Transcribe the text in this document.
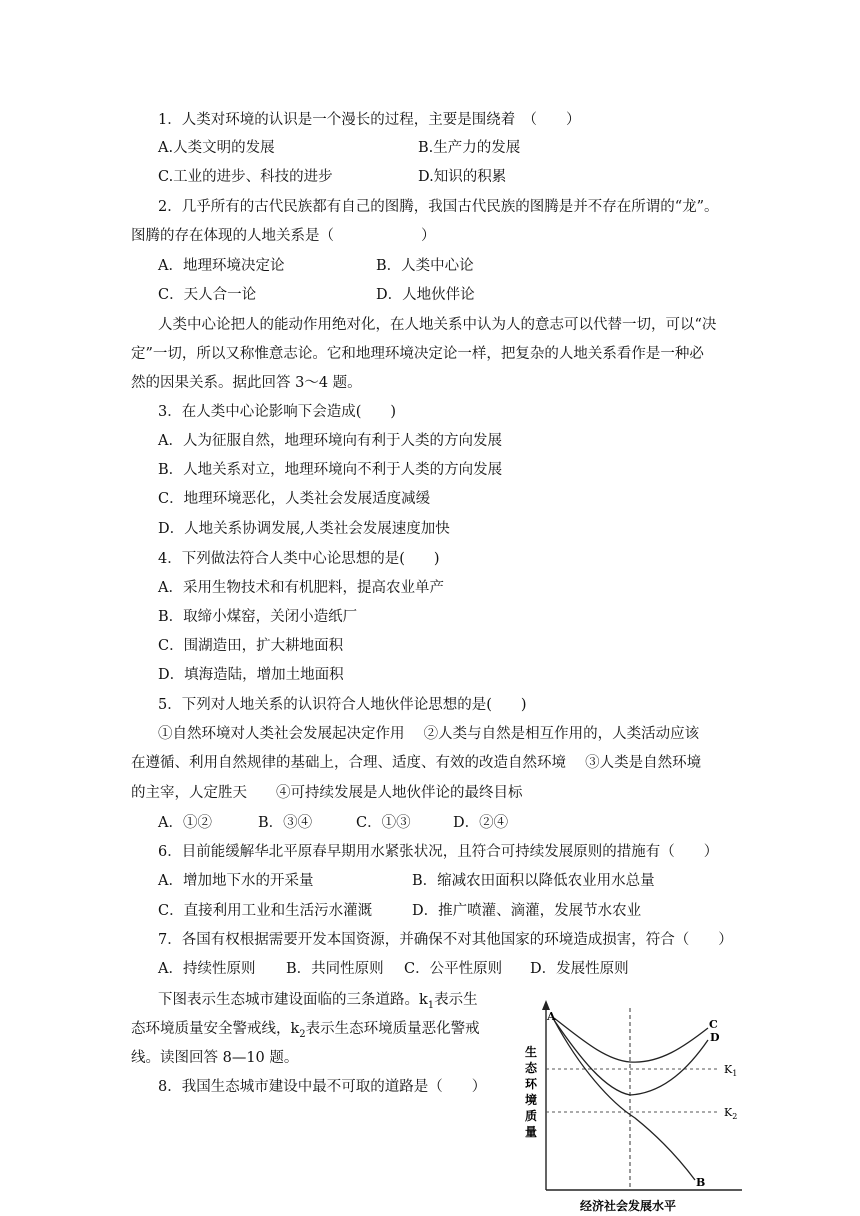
1．人类对环境的认识是一个漫长的过程，主要是围绕着　（　　）
A.人类文明的发展	B.生产力的发展
C.工业的进步、科技的进步	D.知识的积累
2．几乎所有的古代民族都有自己的图腾，我国古代民族的图腾是并不存在所谓的“龙”。
图腾的存在体现的人地关系是（　　　　　　）
A．地理环境决定论	B．人类中心论
C．天人合一论	D．人地伙伴论
人类中心论把人的能动作用绝对化，在人地关系中认为人的意志可以代替一切，可以“决
定”一切，所以又称惟意志论。它和地理环境决定论一样，把复杂的人地关系看作是一种必
然的因果关系。据此回答 3～4 题。
3．在人类中心论影响下会造成(　　)
A．人为征服自然，地理环境向有利于人类的方向发展
B．人地关系对立，地理环境向不利于人类的方向发展
C．地理环境恶化，人类社会发展适度减缓
D．人地关系协调发展,人类社会发展速度加快
4．下列做法符合人类中心论思想的是(　　)
A．采用生物技术和有机肥料，提高农业单产
B．取缔小煤窑，关闭小造纸厂
C．围湖造田，扩大耕地面积
D．填海造陆，增加土地面积
5．下列对人地关系的认识符合人地伙伴论思想的是(　　)
①自然环境对人类社会发展起决定作用　 ②人类与自然是相互作用的，人类活动应该
在遵循、利用自然规律的基础上，合理、适度、有效的改造自然环境　 ③人类是自然环境
的主宰，人定胜天　　④可持续发展是人地伙伴论的最终目标
A．①②	B．③④	C．①③	D．②④
6．目前能缓解华北平原春早期用水紧张状况，且符合可持续发展原则的措施有（　　）
A．增加地下水的开采量	B．缩减农田面积以降低农业用水总量
C．直接利用工业和生活污水灌溉	D．推广喷灌、滴灌，发展节水农业
7．各国有权根据需要开发本国资源，并确保不对其他国家的环境造成损害，符合（　　）
A．持续性原则 B．共同性原则 C．公平性原则 D．发展性原则
下图表示生态城市建设面临的三条道路。$k_1$表示生
态环境质量安全警戒线，$k_2$表示生态环境质量恶化警戒
线。读图回答 8—10 题。
8．我国生态城市建设中最不可取的道路是（　　）
生
态
环
境
质
量
经济社会发展水平
$K_1$
$K_2$
A
C
D
B
